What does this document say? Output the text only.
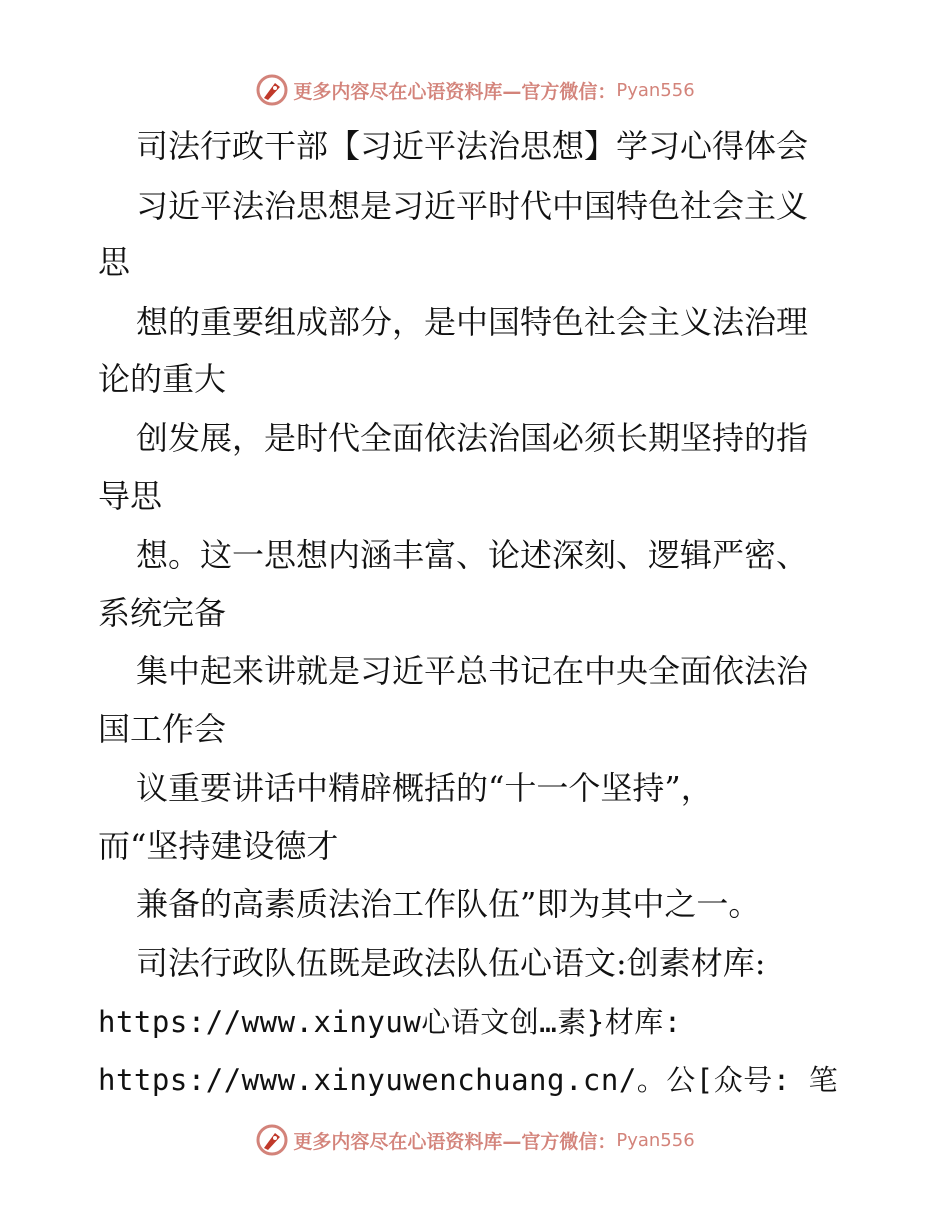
更多内容尽在心语资料库—官方微信： Pyan556
司法行政干部【习近平法治思想】学习心得体会
习近平法治思想是习近平时代中国特色社会主义
思
想的重要组成部分，是中国特色社会主义法治理
论的重大
创发展，是时代全面依法治国必须长期坚持的指
导思
想。这一思想内涵丰富、论述深刻、逻辑严密、
系统完备
集中起来讲就是习近平总书记在中央全面依法治
国工作会
议重要讲话中精辟概括的“十一个坚持”，
而“坚持建设德才
兼备的高素质法治工作队伍”即为其中之一。
司法行政队伍既是政法队伍心语文:创素材库:
https://www.xinyuw心语文创…素}材库:
https://www.xinyuwenchuang.cn/。公[众号: 笔
更多内容尽在心语资料库—官方微信： Pyan556
